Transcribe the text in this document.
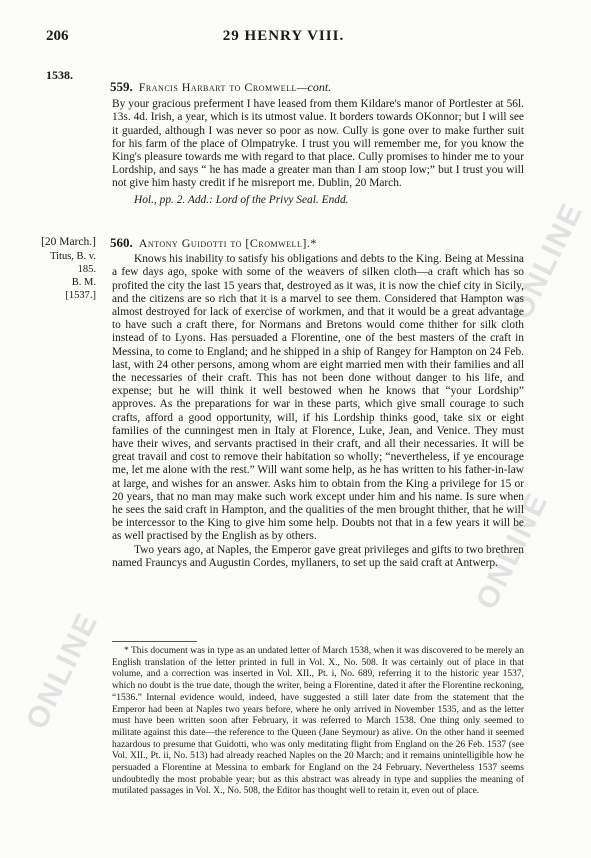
ONLINE
ONLINE
ONLINE
206	29 HENRY VIII.
1538.
559. Francis Harbart to Cromwell—cont.

By your gracious preferment I have leased from them Kildare's manor of Portlester at 56l. 13s. 4d. Irish, a year, which is its utmost value. It borders towards OKonnor; but I will see it guarded, although I was never so poor as now. Cully is gone over to make further suit for his farm of the place of Olmpatryke. I trust you will remember me, for you know the King's pleasure towards me with regard to that place. Cully promises to hinder me to your Lordship, and says “ he has made a greater man than I am stoop low;” but I trust you will not give him hasty credit if he misreport me. Dublin, 20 March.

Hol., pp. 2. Add.: Lord of the Privy Seal. Endd.

[20 March.]
Titus, B. v.
185.
B. M.
[1537.]
560. Antony Guidotti to [Cromwell].*

Knows his inability to satisfy his obligations and debts to the King. Being at Messina a few days ago, spoke with some of the weavers of silken cloth—a craft which has so profited the city the last 15 years that, destroyed as it was, it is now the chief city in Sicily, and the citizens are so rich that it is a marvel to see them. Considered that Hampton was almost destroyed for lack of exercise of workmen, and that it would be a great advantage to have such a craft there, for Normans and Bretons would come thither for silk cloth instead of to Lyons. Has persuaded a Florentine, one of the best masters of the craft in Messina, to come to England; and he shipped in a ship of Rangey for Hampton on 24 Feb. last, with 24 other persons, among whom are eight married men with their families and all the necessaries of their craft. This has not been done without danger to his life, and expense; but he will think it well bestowed when he knows that “your Lordship” approves. As the preparations for war in these parts, which give small courage to such crafts, afford a good opportunity, will, if his Lordship thinks good, take six or eight families of the cunningest men in Italy at Florence, Luke, Jean, and Venice. They must have their wives, and servants practised in their craft, and all their necessaries. It will be great travail and cost to remove their habitation so wholly; “nevertheless, if ye encourage me, let me alone with the rest.” Will want some help, as he has written to his father-in-law at large, and wishes for an answer. Asks him to obtain from the King a privilege for 15 or 20 years, that no man may make such work except under him and his name. Is sure when he sees the said craft in Hampton, and the qualities of the men brought thither, that he will be intercessor to the King to give him some help. Doubts not that in a few years it will be as well practised by the English as by others.

Two years ago, at Naples, the Emperor gave great privileges and gifts to two brethren named Frauncys and Augustin Cordes, myllaners, to set up the said craft at Antwerp.

* This document was in type as an undated letter of March 1538, when it was discovered to be merely an English translation of the letter printed in full in Vol. X., No. 508. It was certainly out of place in that volume, and a correction was inserted in Vol. XII., Pt. i, No. 689, referring it to the historic year 1537, which no doubt is the true date, though the writer, being a Florentine, dated it after the Florentine reckoning, “1536.” Internal evidence would, indeed, have suggested a still later date from the statement that the Emperor had been at Naples two years before, where he only arrived in November 1535, and as the letter must have been written soon after February, it was referred to March 1538. One thing only seemed to militate against this date—the reference to the Queen (Jane Seymour) as alive. On the other hand it seemed hazardous to presume that Guidotti, who was only meditating flight from England on the 26 Feb. 1537 (see Vol. XII., Pt. ii, No. 513) had already reached Naples on the 20 March; and it remains unintelligible how he persuaded a Florentine at Messina to embark for England on the 24 February. Nevertheless 1537 seems undoubtedly the most probable year; but as this abstract was already in type and supplies the meaning of mutilated passages in Vol. X., No. 508, the Editor has thought well to retain it, even out of place.
